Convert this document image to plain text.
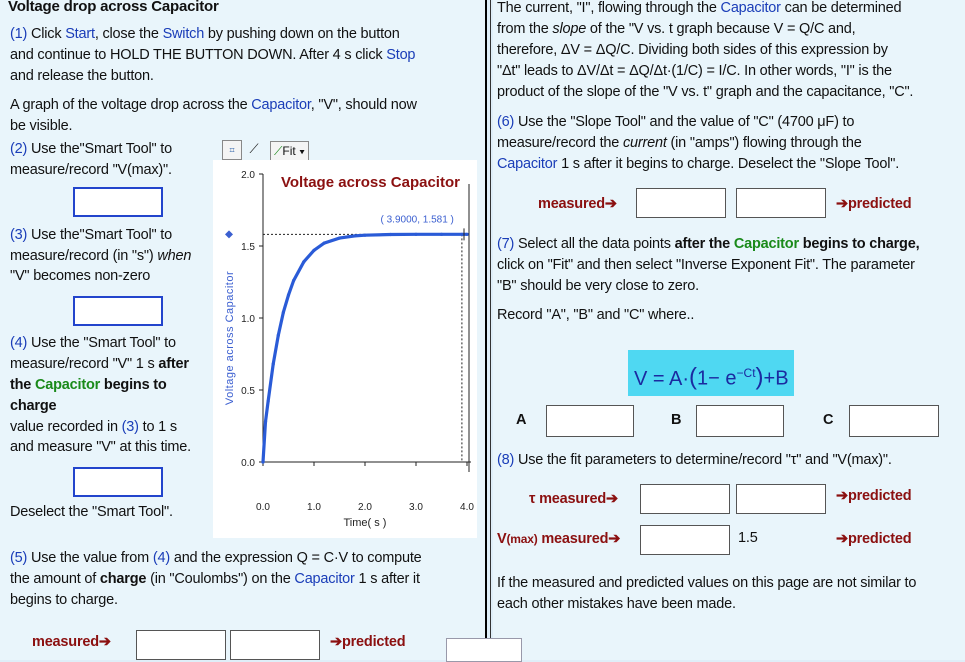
Voltage drop across Capacitor
(1) Click Start, close the Switch by pushing down on the button
and continue to HOLD THE BUTTON DOWN. After 4 s click Stop
and release the button.
A graph of the voltage drop across the Capacitor, "V", should now
be visible.
(2) Use the"Smart Tool" to
measure/record "V(max)".
(3) Use the"Smart Tool" to
measure/record (in "s") when
"V" becomes non-zero
(4) Use the "Smart Tool" to
measure/record "V" 1 s after
the Capacitor begins to
charge
value recorded in (3) to 1 s
and measure "V" at this time.
Deselect the "Smart Tool".
(5) Use the value from (4) and the expression Q = C·V to compute
the amount of charge (in "Coulombs") on the Capacitor 1 s after it
begins to charge.
measured➔	➔predicted
⌗	⟋	⟋Fit ▾
Voltage across Capacitor
2.0
1.5
1.0
0.5
0.0
0.0	1.0	2.0	3.0	4.0
Time( s )
Voltage across Capacitor
( 3.9000, 1.581 )
The current, "I", flowing through the Capacitor can be determined
from the slope of the "V vs. t graph because V = Q/C and,
therefore, ΔV = ΔQ/C. Dividing both sides of this expression by
"Δt" leads to ΔV/Δt = ΔQ/Δt·(1/C) = I/C. In other words, "I" is the
product of the slope of the "V vs. t" graph and the capacitance, "C".
(6) Use the "Slope Tool" and the value of "C" (4700 μF) to
measure/record the current (in "amps") flowing through the
Capacitor 1 s after it begins to charge. Deselect the "Slope Tool".
measured➔	➔predicted
(7) Select all the data points after the Capacitor begins to charge,
click on "Fit" and then select "Inverse Exponent Fit". The parameter
"B" should be very close to zero.
Record "A", "B" and "C" where..
$V = A\cdot(1- e^{-Ct})+B$
A	B	C
(8) Use the fit parameters to determine/record "τ" and "V(max)".
τ measured➔	➔predicted
V(max) measured➔	1.5	➔predicted
If the measured and predicted values on this page are not similar to
each other mistakes have been made.
